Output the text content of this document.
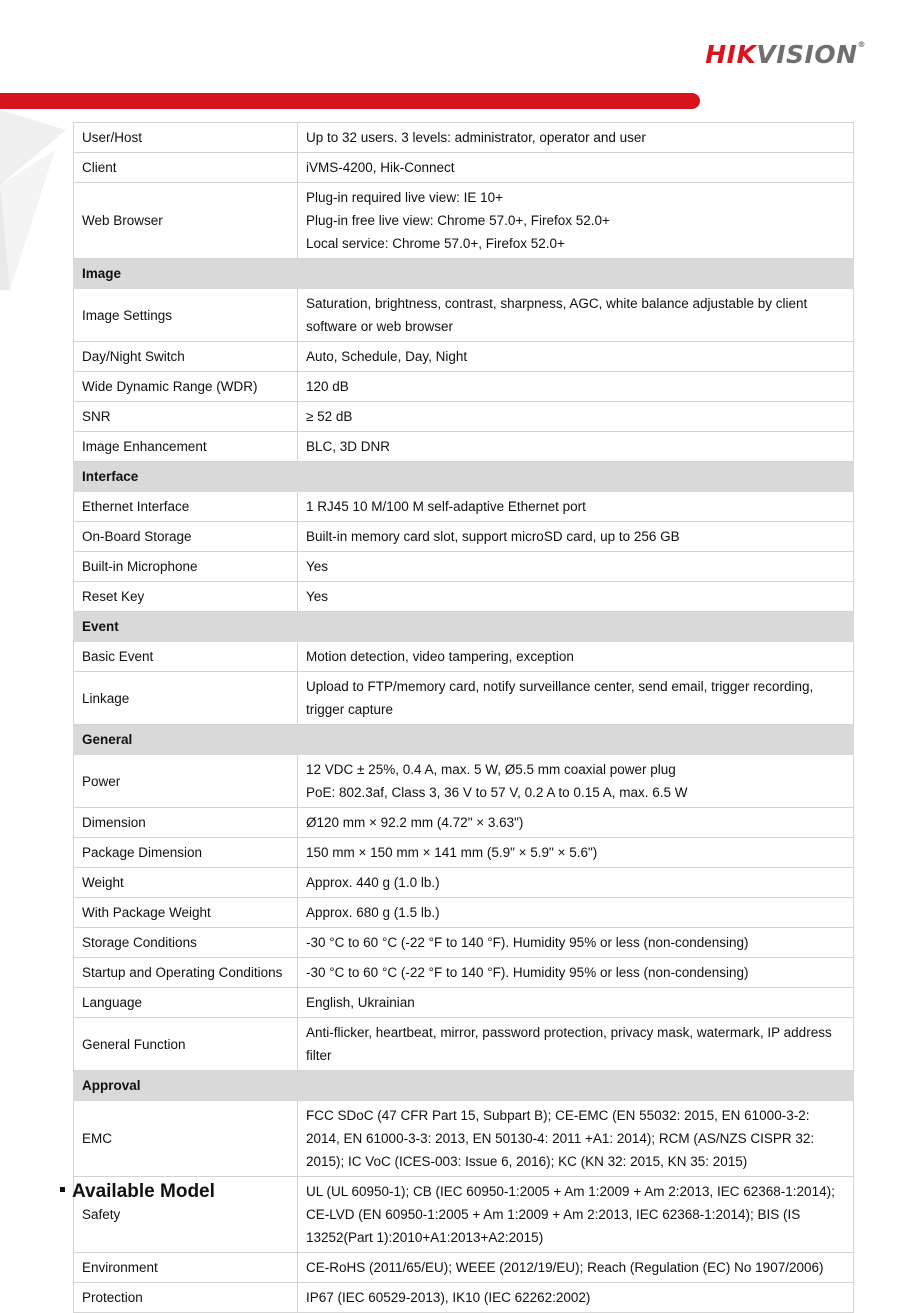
HIKVISION®
User/Host	Up to 32 users. 3 levels: administrator, operator and user

Client	iVMS-4200, Hik-Connect

Web Browser	Plug-in required live view: IE 10+
Plug-in free live view: Chrome 57.0+, Firefox 52.0+
Local service: Chrome 57.0+, Firefox 52.0+

Image	
Image Settings	Saturation, brightness, contrast, sharpness, AGC, white balance adjustable by client software or web browser

Day/Night Switch	Auto, Schedule, Day, Night

Wide Dynamic Range (WDR)	120 dB

SNR	≥ 52 dB

Image Enhancement	BLC, 3D DNR

Interface	
Ethernet Interface	1 RJ45 10 M/100 M self-adaptive Ethernet port

On-Board Storage	Built-in memory card slot, support microSD card, up to 256 GB

Built-in Microphone	Yes

Reset Key	Yes

Event	
Basic Event	Motion detection, video tampering, exception

Linkage	Upload to FTP/memory card, notify surveillance center, send email, trigger recording, trigger capture

General	
Power	12 VDC ± 25%, 0.4 A, max. 5 W, Ø5.5 mm coaxial power plug
PoE: 802.3af, Class 3, 36 V to 57 V, 0.2 A to 0.15 A, max. 6.5 W

Dimension	Ø120 mm × 92.2 mm (4.72" × 3.63")

Package Dimension	150 mm × 150 mm × 141 mm (5.9" × 5.9" × 5.6")

Weight	Approx. 440 g (1.0 lb.)

With Package Weight	Approx. 680 g (1.5 lb.)

Storage Conditions	-30 °C to 60 °C (-22 °F to 140 °F). Humidity 95% or less (non-condensing)

Startup and Operating Conditions	-30 °C to 60 °C (-22 °F to 140 °F). Humidity 95% or less (non-condensing)

Language	English, Ukrainian

General Function	Anti-flicker, heartbeat, mirror, password protection, privacy mask, watermark, IP address filter

Approval	
EMC	FCC SDoC (47 CFR Part 15, Subpart B); CE-EMC (EN 55032: 2015, EN 61000-3-2: 2014, EN 61000-3-3: 2013, EN 50130-4: 2011 +A1: 2014); RCM (AS/NZS CISPR 32: 2015); IC VoC (ICES-003: Issue 6, 2016); KC (KN 32: 2015, KN 35: 2015)

Safety	UL (UL 60950-1); CB (IEC 60950-1:2005 + Am 1:2009 + Am 2:2013, IEC 62368-1:2014); CE-LVD (EN 60950-1:2005 + Am 1:2009 + Am 2:2013, IEC 62368-1:2014); BIS (IS 13252(Part 1):2010+A1:2013+A2:2015)

Environment	CE-RoHS (2011/65/EU); WEEE (2012/19/EU); Reach (Regulation (EC) No 1907/2006)

Protection	IP67 (IEC 60529-2013), IK10 (IEC 62262:2002)
Available Model
